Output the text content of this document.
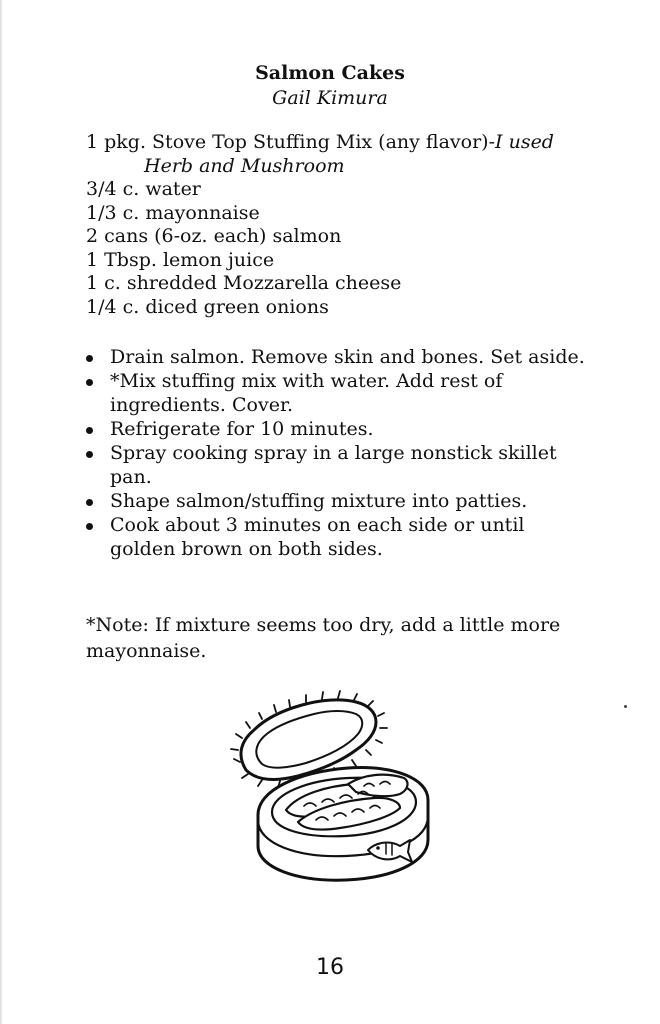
Salmon Cakes
Gail Kimura
1 pkg. Stove Top Stuffing Mix (any flavor)-I used
Herb and Mushroom
3/4 c. water
1/3 c. mayonnaise
2 cans (6-oz. each) salmon
1 Tbsp. lemon juice
1 c. shredded Mozzarella cheese
1/4 c. diced green onions
Drain salmon. Remove skin and bones. Set aside.
*Mix stuffing mix with water. Add rest of ingredients. Cover.
Refrigerate for 10 minutes.
Spray cooking spray in a large nonstick skillet pan.
Shape salmon/stuffing mixture into patties.
Cook about 3 minutes on each side or until golden brown on both sides.

*Note: If mixture seems too dry, add a little more mayonnaise.

16
